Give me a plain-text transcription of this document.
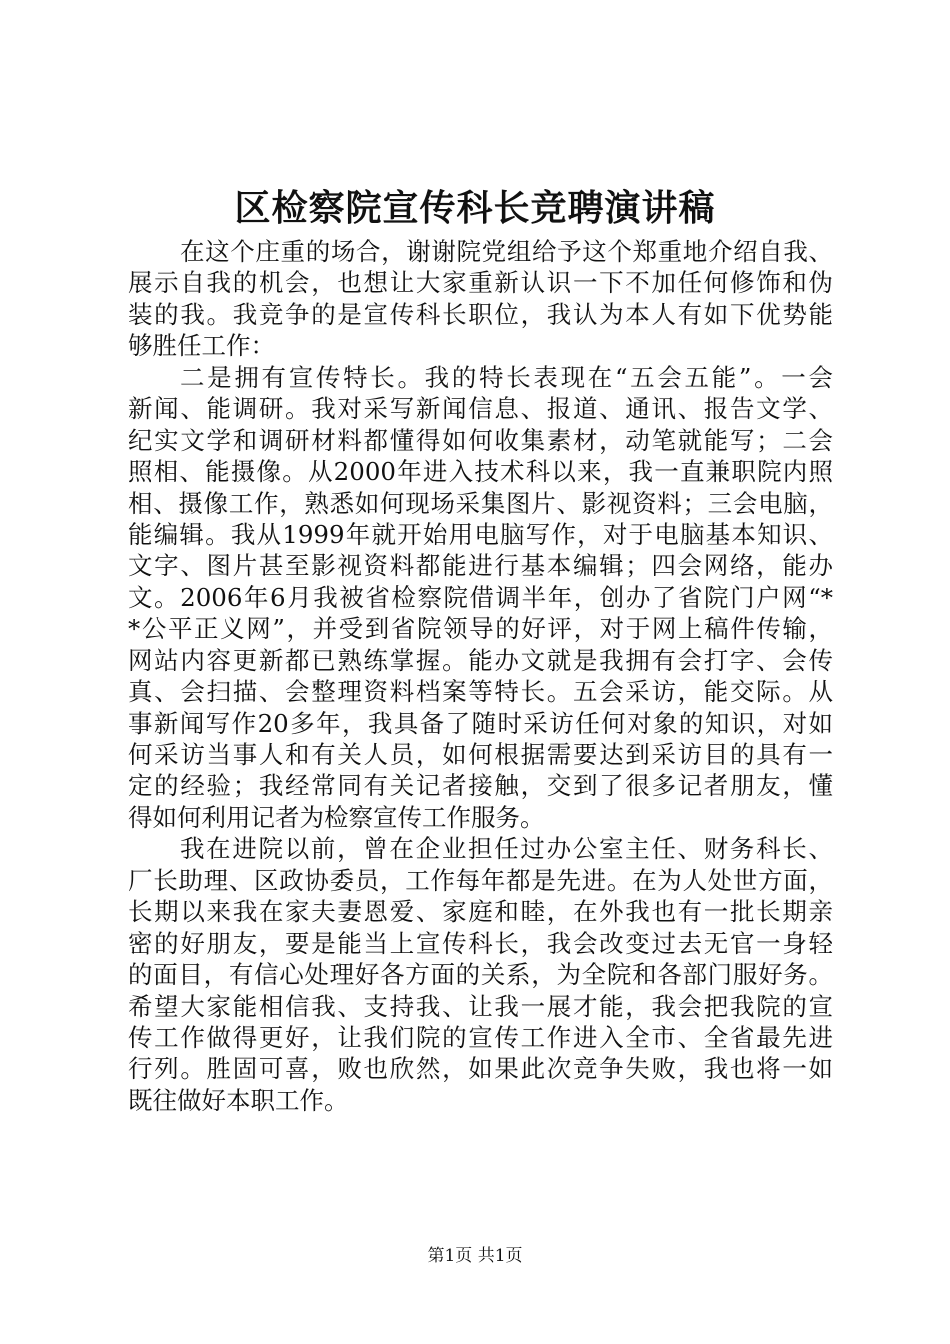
区检察院宣传科长竞聘演讲稿
在这个庄重的场合，谢谢院党组给予这个郑重地介绍自我、
展示自我的机会，也想让大家重新认识一下不加任何修饰和伪
装的我。我竞争的是宣传科长职位，我认为本人有如下优势能
够胜任工作：
二是拥有宣传特长。我的特长表现在“五会五能”。一会
新闻、能调研。我对采写新闻信息、报道、通讯、报告文学、
纪实文学和调研材料都懂得如何收集素材，动笔就能写；二会
照相、能摄像。从2000年进入技术科以来，我一直兼职院内照
相、摄像工作，熟悉如何现场采集图片、影视资料；三会电脑，
能编辑。我从1999年就开始用电脑写作，对于电脑基本知识、
文字、图片甚至影视资料都能进行基本编辑；四会网络，能办
文。2006年6月我被省检察院借调半年，创办了省院门户网“*
*公平正义网”，并受到省院领导的好评，对于网上稿件传输，
网站内容更新都已熟练掌握。能办文就是我拥有会打字、会传
真、会扫描、会整理资料档案等特长。五会采访，能交际。从
事新闻写作20多年，我具备了随时采访任何对象的知识，对如
何采访当事人和有关人员，如何根据需要达到采访目的具有一
定的经验；我经常同有关记者接触，交到了很多记者朋友，懂
得如何利用记者为检察宣传工作服务。
我在进院以前，曾在企业担任过办公室主任、财务科长、
厂长助理、区政协委员，工作每年都是先进。在为人处世方面，
长期以来我在家夫妻恩爱、家庭和睦，在外我也有一批长期亲
密的好朋友，要是能当上宣传科长，我会改变过去无官一身轻
的面目，有信心处理好各方面的关系，为全院和各部门服好务。
希望大家能相信我、支持我、让我一展才能，我会把我院的宣
传工作做得更好，让我们院的宣传工作进入全市、全省最先进
行列。胜固可喜，败也欣然，如果此次竞争失败，我也将一如
既往做好本职工作。
第1页 共1页
